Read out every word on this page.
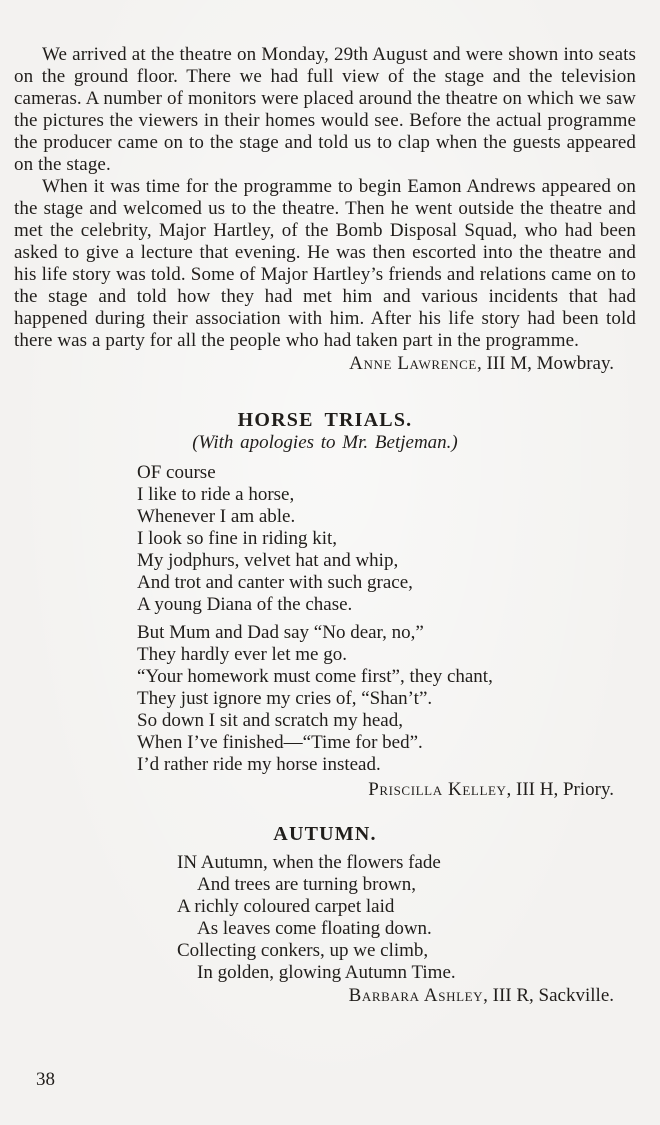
We arrived at the theatre on Monday, 29th August and were shown into seats on the ground floor. There we had full view of the stage and the television cameras. A number of monitors were placed around the theatre on which we saw the pictures the viewers in their homes would see. Before the actual programme the producer came on to the stage and told us to clap when the guests appeared on the stage.

When it was time for the programme to begin Eamon Andrews appeared on the stage and welcomed us to the theatre. Then he went outside the theatre and met the celebrity, Major Hartley, of the Bomb Disposal Squad, who had been asked to give a lecture that evening. He was then escorted into the theatre and his life story was told. Some of Major Hartley’s friends and relations came on to the stage and told how they had met him and various incidents that had happened during their association with him. After his life story had been told there was a party for all the people who had taken part in the programme.

Anne Lawrence, III M, Mowbray.
HORSE TRIALS.
(With apologies to Mr. Betjeman.)
OF course
I like to ride a horse,
Whenever I am able.
I look so fine in riding kit,
My jodphurs, velvet hat and whip,
And trot and canter with such grace,
A young Diana of the chase.
But Mum and Dad say “No dear, no,”
They hardly ever let me go.
“Your homework must come first”, they chant,
They just ignore my cries of, “Shan’t”.
So down I sit and scratch my head,
When I’ve finished—“Time for bed”.
I’d rather ride my horse instead.
Priscilla Kelley, III H, Priory.
AUTUMN.
IN Autumn, when the flowers fade
And trees are turning brown,
A richly coloured carpet laid
As leaves come floating down.
Collecting conkers, up we climb,
In golden, glowing Autumn Time.
Barbara Ashley, III R, Sackville.
38
